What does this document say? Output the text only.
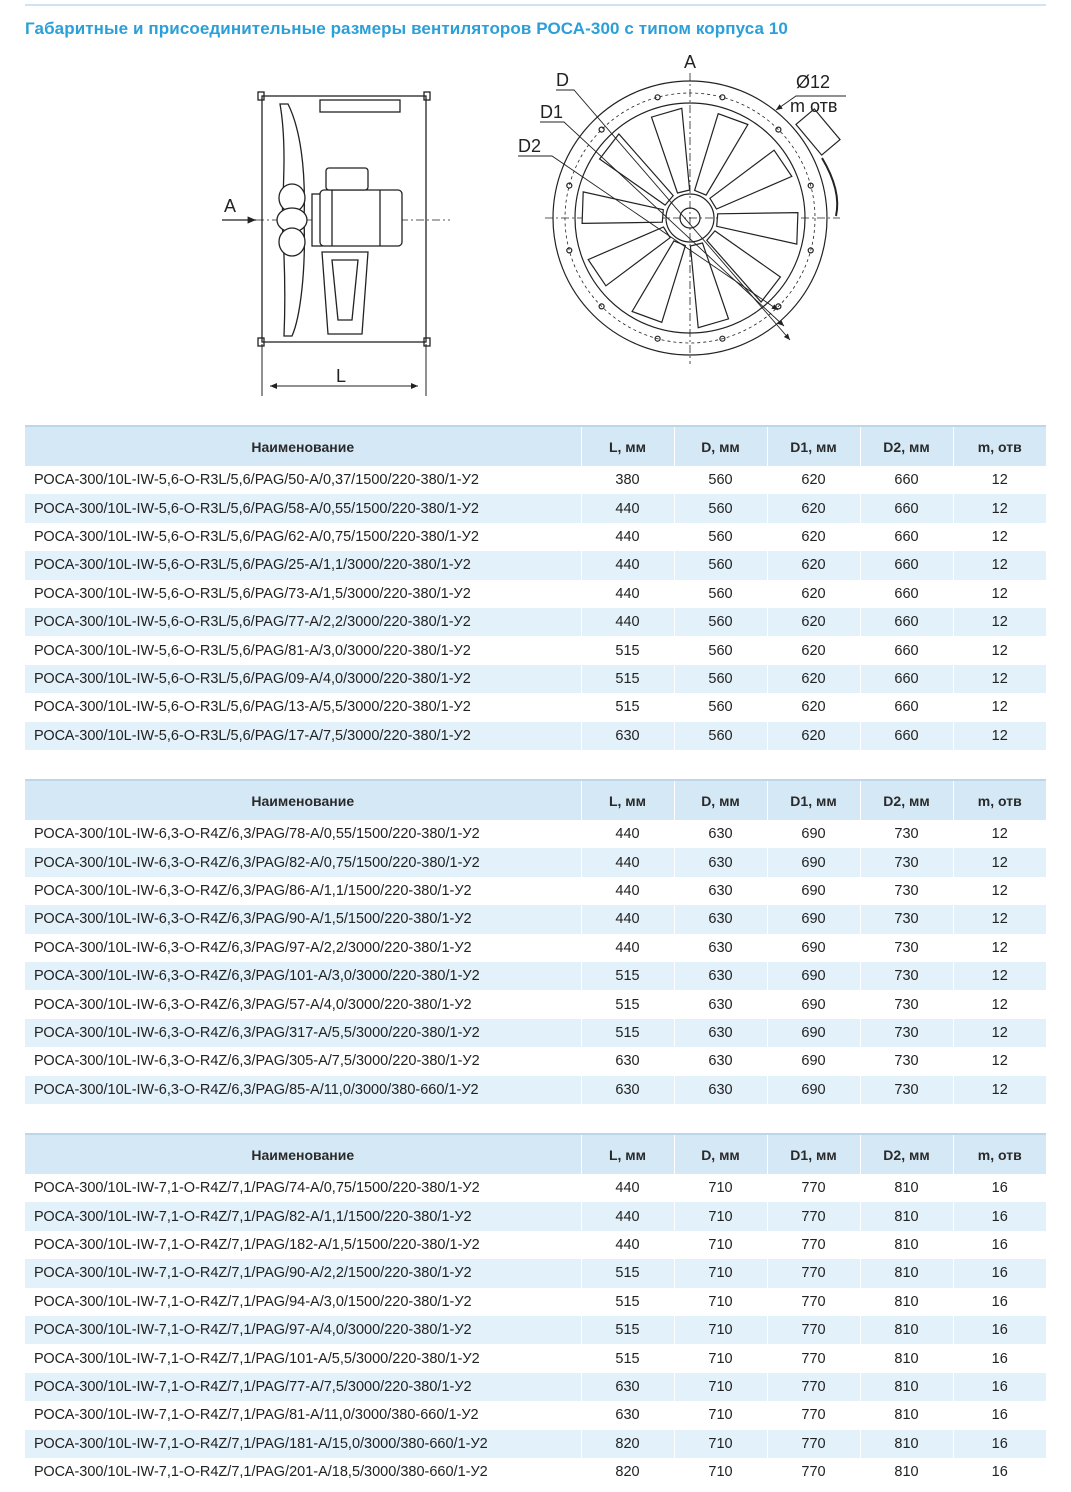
Габаритные и присоединительные размеры вентиляторов РОСА-300 с типом корпуса 10
A
L
A
D
D1
D2
Ø12
m отв
Наименование	L, мм	D, мм	D1, мм	D2, мм	m, отв
РОСА-300/10L-IW-5,6-O-R3L/5,6/PAG/50-A/0,37/1500/220-380/1-У2	380	560	620	660	12
РОСА-300/10L-IW-5,6-O-R3L/5,6/PAG/58-A/0,55/1500/220-380/1-У2	440	560	620	660	12
РОСА-300/10L-IW-5,6-O-R3L/5,6/PAG/62-A/0,75/1500/220-380/1-У2	440	560	620	660	12
РОСА-300/10L-IW-5,6-O-R3L/5,6/PAG/25-A/1,1/3000/220-380/1-У2	440	560	620	660	12
РОСА-300/10L-IW-5,6-O-R3L/5,6/PAG/73-A/1,5/3000/220-380/1-У2	440	560	620	660	12
РОСА-300/10L-IW-5,6-O-R3L/5,6/PAG/77-A/2,2/3000/220-380/1-У2	440	560	620	660	12
РОСА-300/10L-IW-5,6-O-R3L/5,6/PAG/81-A/3,0/3000/220-380/1-У2	515	560	620	660	12
РОСА-300/10L-IW-5,6-O-R3L/5,6/PAG/09-A/4,0/3000/220-380/1-У2	515	560	620	660	12
РОСА-300/10L-IW-5,6-O-R3L/5,6/PAG/13-A/5,5/3000/220-380/1-У2	515	560	620	660	12
РОСА-300/10L-IW-5,6-O-R3L/5,6/PAG/17-A/7,5/3000/220-380/1-У2	630	560	620	660	12
Наименование	L, мм	D, мм	D1, мм	D2, мм	m, отв
РОСА-300/10L-IW-6,3-O-R4Z/6,3/PAG/78-A/0,55/1500/220-380/1-У2	440	630	690	730	12
РОСА-300/10L-IW-6,3-O-R4Z/6,3/PAG/82-A/0,75/1500/220-380/1-У2	440	630	690	730	12
РОСА-300/10L-IW-6,3-O-R4Z/6,3/PAG/86-A/1,1/1500/220-380/1-У2	440	630	690	730	12
РОСА-300/10L-IW-6,3-O-R4Z/6,3/PAG/90-A/1,5/1500/220-380/1-У2	440	630	690	730	12
РОСА-300/10L-IW-6,3-O-R4Z/6,3/PAG/97-A/2,2/3000/220-380/1-У2	440	630	690	730	12
РОСА-300/10L-IW-6,3-O-R4Z/6,3/PAG/101-A/3,0/3000/220-380/1-У2	515	630	690	730	12
РОСА-300/10L-IW-6,3-O-R4Z/6,3/PAG/57-A/4,0/3000/220-380/1-У2	515	630	690	730	12
РОСА-300/10L-IW-6,3-O-R4Z/6,3/PAG/317-A/5,5/3000/220-380/1-У2	515	630	690	730	12
РОСА-300/10L-IW-6,3-O-R4Z/6,3/PAG/305-A/7,5/3000/220-380/1-У2	630	630	690	730	12
РОСА-300/10L-IW-6,3-O-R4Z/6,3/PAG/85-A/11,0/3000/380-660/1-У2	630	630	690	730	12
Наименование	L, мм	D, мм	D1, мм	D2, мм	m, отв
РОСА-300/10L-IW-7,1-O-R4Z/7,1/PAG/74-A/0,75/1500/220-380/1-У2	440	710	770	810	16
РОСА-300/10L-IW-7,1-O-R4Z/7,1/PAG/82-A/1,1/1500/220-380/1-У2	440	710	770	810	16
РОСА-300/10L-IW-7,1-O-R4Z/7,1/PAG/182-A/1,5/1500/220-380/1-У2	440	710	770	810	16
РОСА-300/10L-IW-7,1-O-R4Z/7,1/PAG/90-A/2,2/1500/220-380/1-У2	515	710	770	810	16
РОСА-300/10L-IW-7,1-O-R4Z/7,1/PAG/94-A/3,0/1500/220-380/1-У2	515	710	770	810	16
РОСА-300/10L-IW-7,1-O-R4Z/7,1/PAG/97-A/4,0/3000/220-380/1-У2	515	710	770	810	16
РОСА-300/10L-IW-7,1-O-R4Z/7,1/PAG/101-A/5,5/3000/220-380/1-У2	515	710	770	810	16
РОСА-300/10L-IW-7,1-O-R4Z/7,1/PAG/77-A/7,5/3000/220-380/1-У2	630	710	770	810	16
РОСА-300/10L-IW-7,1-O-R4Z/7,1/PAG/81-A/11,0/3000/380-660/1-У2	630	710	770	810	16
РОСА-300/10L-IW-7,1-O-R4Z/7,1/PAG/181-A/15,0/3000/380-660/1-У2	820	710	770	810	16
РОСА-300/10L-IW-7,1-O-R4Z/7,1/PAG/201-A/18,5/3000/380-660/1-У2	820	710	770	810	16
